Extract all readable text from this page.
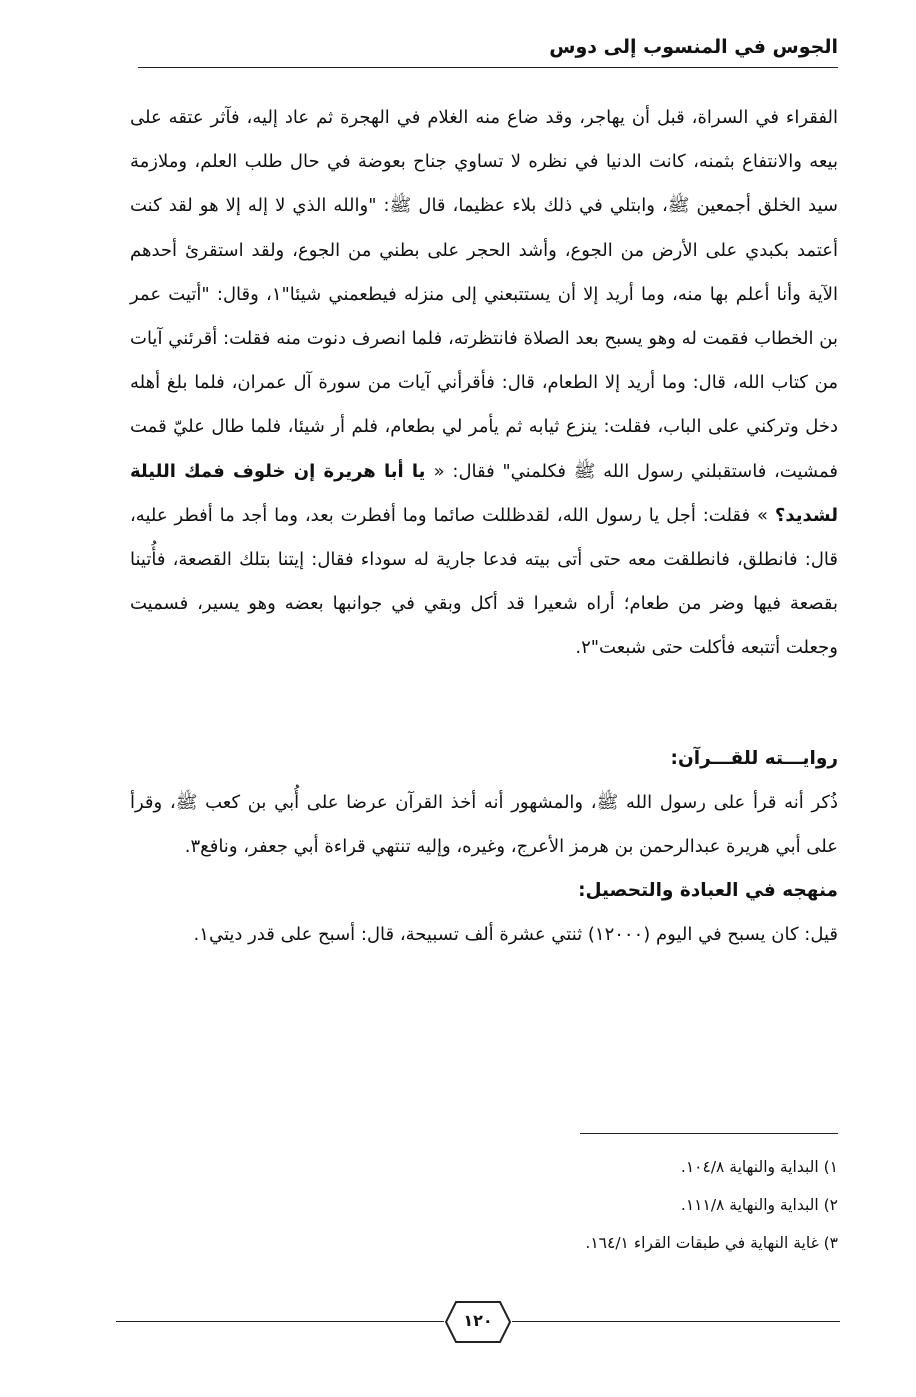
الجوس في المنسوب إلى دوس

الفقراء في السراة، قبل أن يهاجر، وقد ضاع منه الغلام في الهجرة ثم عاد إليه، فآثر عتقه على بيعه والانتفاع بثمنه، كانت الدنيا في نظره لا تساوي جناح بعوضة في حال طلب العلم، وملازمة سيد الخلق أجمعين ﷺ، وابتلي في ذلك بلاء عظيما، قال ﷺ: "والله الذي لا إله إلا هو لقد كنت أعتمد بكبدي على الأرض من الجوع، وأشد الحجر على بطني من الجوع، ولقد استقرئ أحدهم الآية وأنا أعلم بها منه، وما أريد إلا أن يستتبعني إلى منزله فيطعمني شيئا"١، وقال: "أتيت عمر بن الخطاب فقمت له وهو يسبح بعد الصلاة فانتظرته، فلما انصرف دنوت منه فقلت: أقرئني آيات من كتاب الله، قال: وما أريد إلا الطعام، قال: فأقرأني آيات من سورة آل عمران، فلما بلغ أهله دخل وتركني على الباب، فقلت: ينزع ثيابه ثم يأمر لي بطعام، فلم أر شيئا، فلما طال عليّ قمت فمشيت، فاستقبلني رسول الله ﷺ فكلمني" فقال: « يا أبا هريرة إن خلوف فمك الليلة لشديد؟ » فقلت: أجل يا رسول الله، لقدظللت صائما وما أفطرت بعد، وما أجد ما أفطر عليه، قال: فانطلق، فانطلقت معه حتى أتى بيته فدعا جارية له سوداء فقال: إيتنا بتلك القصعة، فأُتينا بقصعة فيها وضر من طعام؛ أراه شعيرا قد أكل وبقي في جوانبها بعضه وهو يسير، فسميت وجعلت أتتبعه فأكلت حتى شبعت"٢.

روايـــته للقـــرآن:

ذُكر أنه قرأ على رسول الله ﷺ، والمشهور أنه أخذ القرآن عرضا على أُبي بن كعب ﷺ، وقرأ على أبي هريرة عبدالرحمن بن هرمز الأعرج، وغيره، وإليه تنتهي قراءة أبي جعفر، ونافع٣.

منهجه في العبادة والتحصيل:

قيل: كان يسبح في اليوم (١٢٠٠٠) ثنتي عشرة ألف تسبيحة، قال: أسبح على قدر ديتي١.

١) البداية والنهاية ١٠٤/٨.

٢) البداية والنهاية ١١١/٨.

٣) غاية النهاية في طبقات القراء ١٦٤/١.

١٢٠
